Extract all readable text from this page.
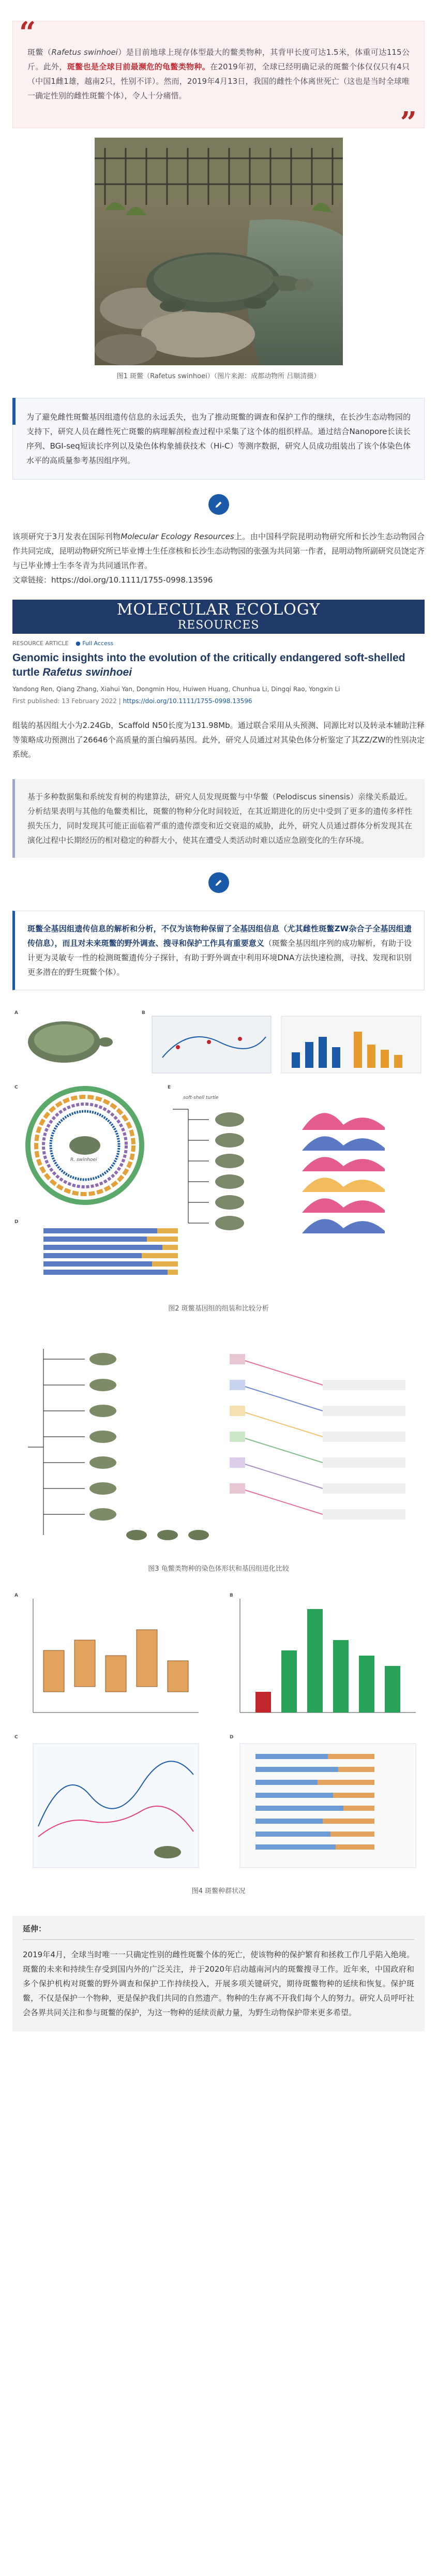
“

斑鳖（Rafetus swinhoei）是目前地球上现存体型最大的鳖类物种，其背甲长度可达1.5米，体重可达115公斤。此外，斑鳖也是全球目前最濒危的龟鳖类物种。在2019年初，全球已经明确记录的斑鳖个体仅仅只有4只（中国1雌1雄，越南2只，性别不详）。然而，2019年4月13日，我国的雌性个体离世死亡（这也是当时全球唯一确定性别的雌性斑鳖个体），令人十分痛惜。

”
图1 斑鳖（Rafetus swinhoei）（图片来源：成都动物所 吕顺清摄）
为了避免雌性斑鳖基因组遗传信息的永远丢失，也为了推动斑鳖的调查和保护工作的继续，在长沙生态动物园的支持下，研究人员在雌性死亡斑鳖的病理解剖检查过程中采集了这个体的组织样品。通过结合Nanopore长读长序列、BGI-seq短读长序列以及染色体构象捕获技术（Hi-C）等测序数据，研究人员成功组装出了该个体染色体水平的高质量参考基因组序列。
该项研究于3月发表在国际刊物Molecular Ecology Resources上。由中国科学院昆明动物研究所和长沙生态动物园合作共同完成，昆明动物研究所已毕业博士生任彦核和长沙生态动物园的张强为共同第一作者，昆明动物所副研究员饶定齐与已毕业博士生李冬青为共同通讯作者。
文章链接：https://doi.org/10.1111/1755-0998.13596
MOLECULAR ECOLOGY
RESOURCES
RESOURCE ARTICLE ● Full Access
Genomic insights into the evolution of the critically endangered soft-shelled turtle Rafetus swinhoei
Yandong Ren, Qiang Zhang, Xiahui Yan, Dongmin Hou, Huiwen Huang, Chunhua Li, Dingqi Rao, Yongxin Li
First published: 13 February 2022 | https://doi.org/10.1111/1755-0998.13596
组装的基因组大小为2.24Gb，Scaffold N50长度为131.98Mb。通过联合采用从头预测、同源比对以及转录本辅助注释等策略成功预测出了26646个高质量的蛋白编码基因。此外，研究人员通过对其染色体分析鉴定了其ZZ/ZW的性别决定系统。
基于多种数据集和系统发育树的构建算法，研究人员发现斑鳖与中华鳖（Pelodiscus sinensis）亲缘关系最近。分析结果表明与其他的龟鳖类相比，斑鳖的物种分化时间较近，在其近期进化的历史中受到了更多的遗传多样性损失压力，同时发现其可能正面临着严重的遗传漂变和近交衰退的威胁，此外，研究人员通过群体分析发现其在演化过程中长期经历的相对稳定的种群大小，使其在遭受人类活动时难以适应急剧变化的生存环境。
斑鳖全基因组遗传信息的解析和分析，不仅为该物种保留了全基因组信息（尤其雌性斑鳖ZW杂合子全基因组遗传信息），而且对未来斑鳖的野外调查、搜寻和保护工作具有重要意义（斑鳖全基因组序列的成功解析，有助于设计更为灵敏专一性的检测斑鳖遗传分子探针，有助于野外调查中利用环境DNA方法快速检测，寻找、发现和识别更多潜在的野生斑鳖个体）。
A	B
C
R. swinhoei
E
soft-shell turtle
D
图2 斑鳖基因组的组装和比较分析
图3 龟鳖类物种的染色体形状和基因组进化比较
A	B
C	D
图4 斑鳖种群状况
延伸：

2019年4月，全球当时唯一一只确定性别的雌性斑鳖个体的死亡，使该物种的保护繁育和拯救工作几乎陷入绝境。斑鳖的未来和持续生存受到国内外的广泛关注，并于2020年启动越南河内的斑鳖搜寻工作。近年来，中国政府和多个保护机构对斑鳖的野外调查和保护工作持续投入，开展多项关键研究，期待斑鳖物种的延续和恢复。保护斑鳖，不仅是保护一个物种，更是保护我们共同的自然遗产。物种的生存离不开我们每个人的努力。研究人员呼吁社会各界共同关注和参与斑鳖的保护，为这一物种的延续贡献力量，为野生动物保护带来更多希望。
